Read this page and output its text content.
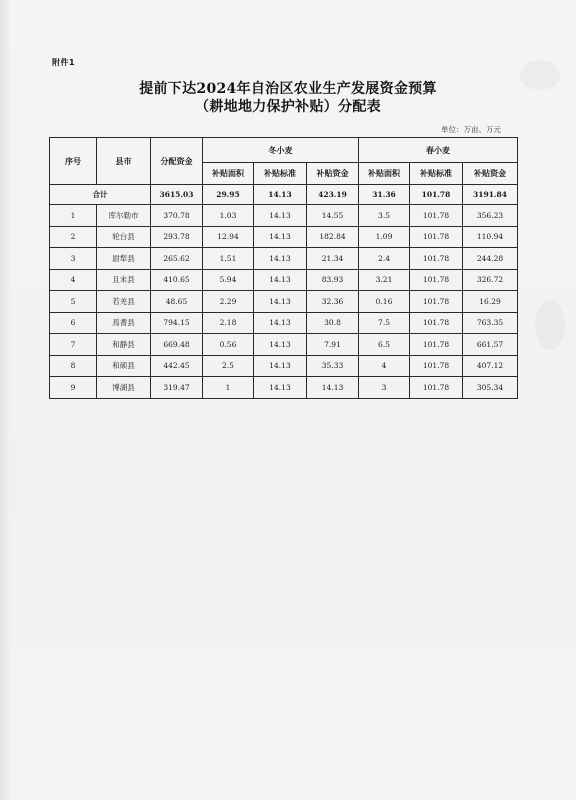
附件1
提前下达2024年自治区农业生产发展资金预算
（耕地地力保护补贴）分配表
单位：万亩、万元
序号	县市	分配资金	冬小麦			春小麦		
			补贴面积	补贴标准	补贴资金	补贴面积	补贴标准	补贴资金
合计		3615.03	29.95	14.13	423.19	31.36	101.78	3191.84
1	库尔勒市	370.78	1.03	14.13	14.55	3.5	101.78	356.23
2	轮台县	293.78	12.94	14.13	182.84	1.09	101.78	110.94
3	尉犁县	265.62	1.51	14.13	21.34	2.4	101.78	244.28
4	且末县	410.65	5.94	14.13	83.93	3.21	101.78	326.72
5	若羌县	48.65	2.29	14.13	32.36	0.16	101.78	16.29
6	焉耆县	794.15	2.18	14.13	30.8	7.5	101.78	763.35
7	和静县	669.48	0.56	14.13	7.91	6.5	101.78	661.57
8	和硕县	442.45	2.5	14.13	35.33	4	101.78	407.12
9	博湖县	319.47	1	14.13	14.13	3	101.78	305.34
